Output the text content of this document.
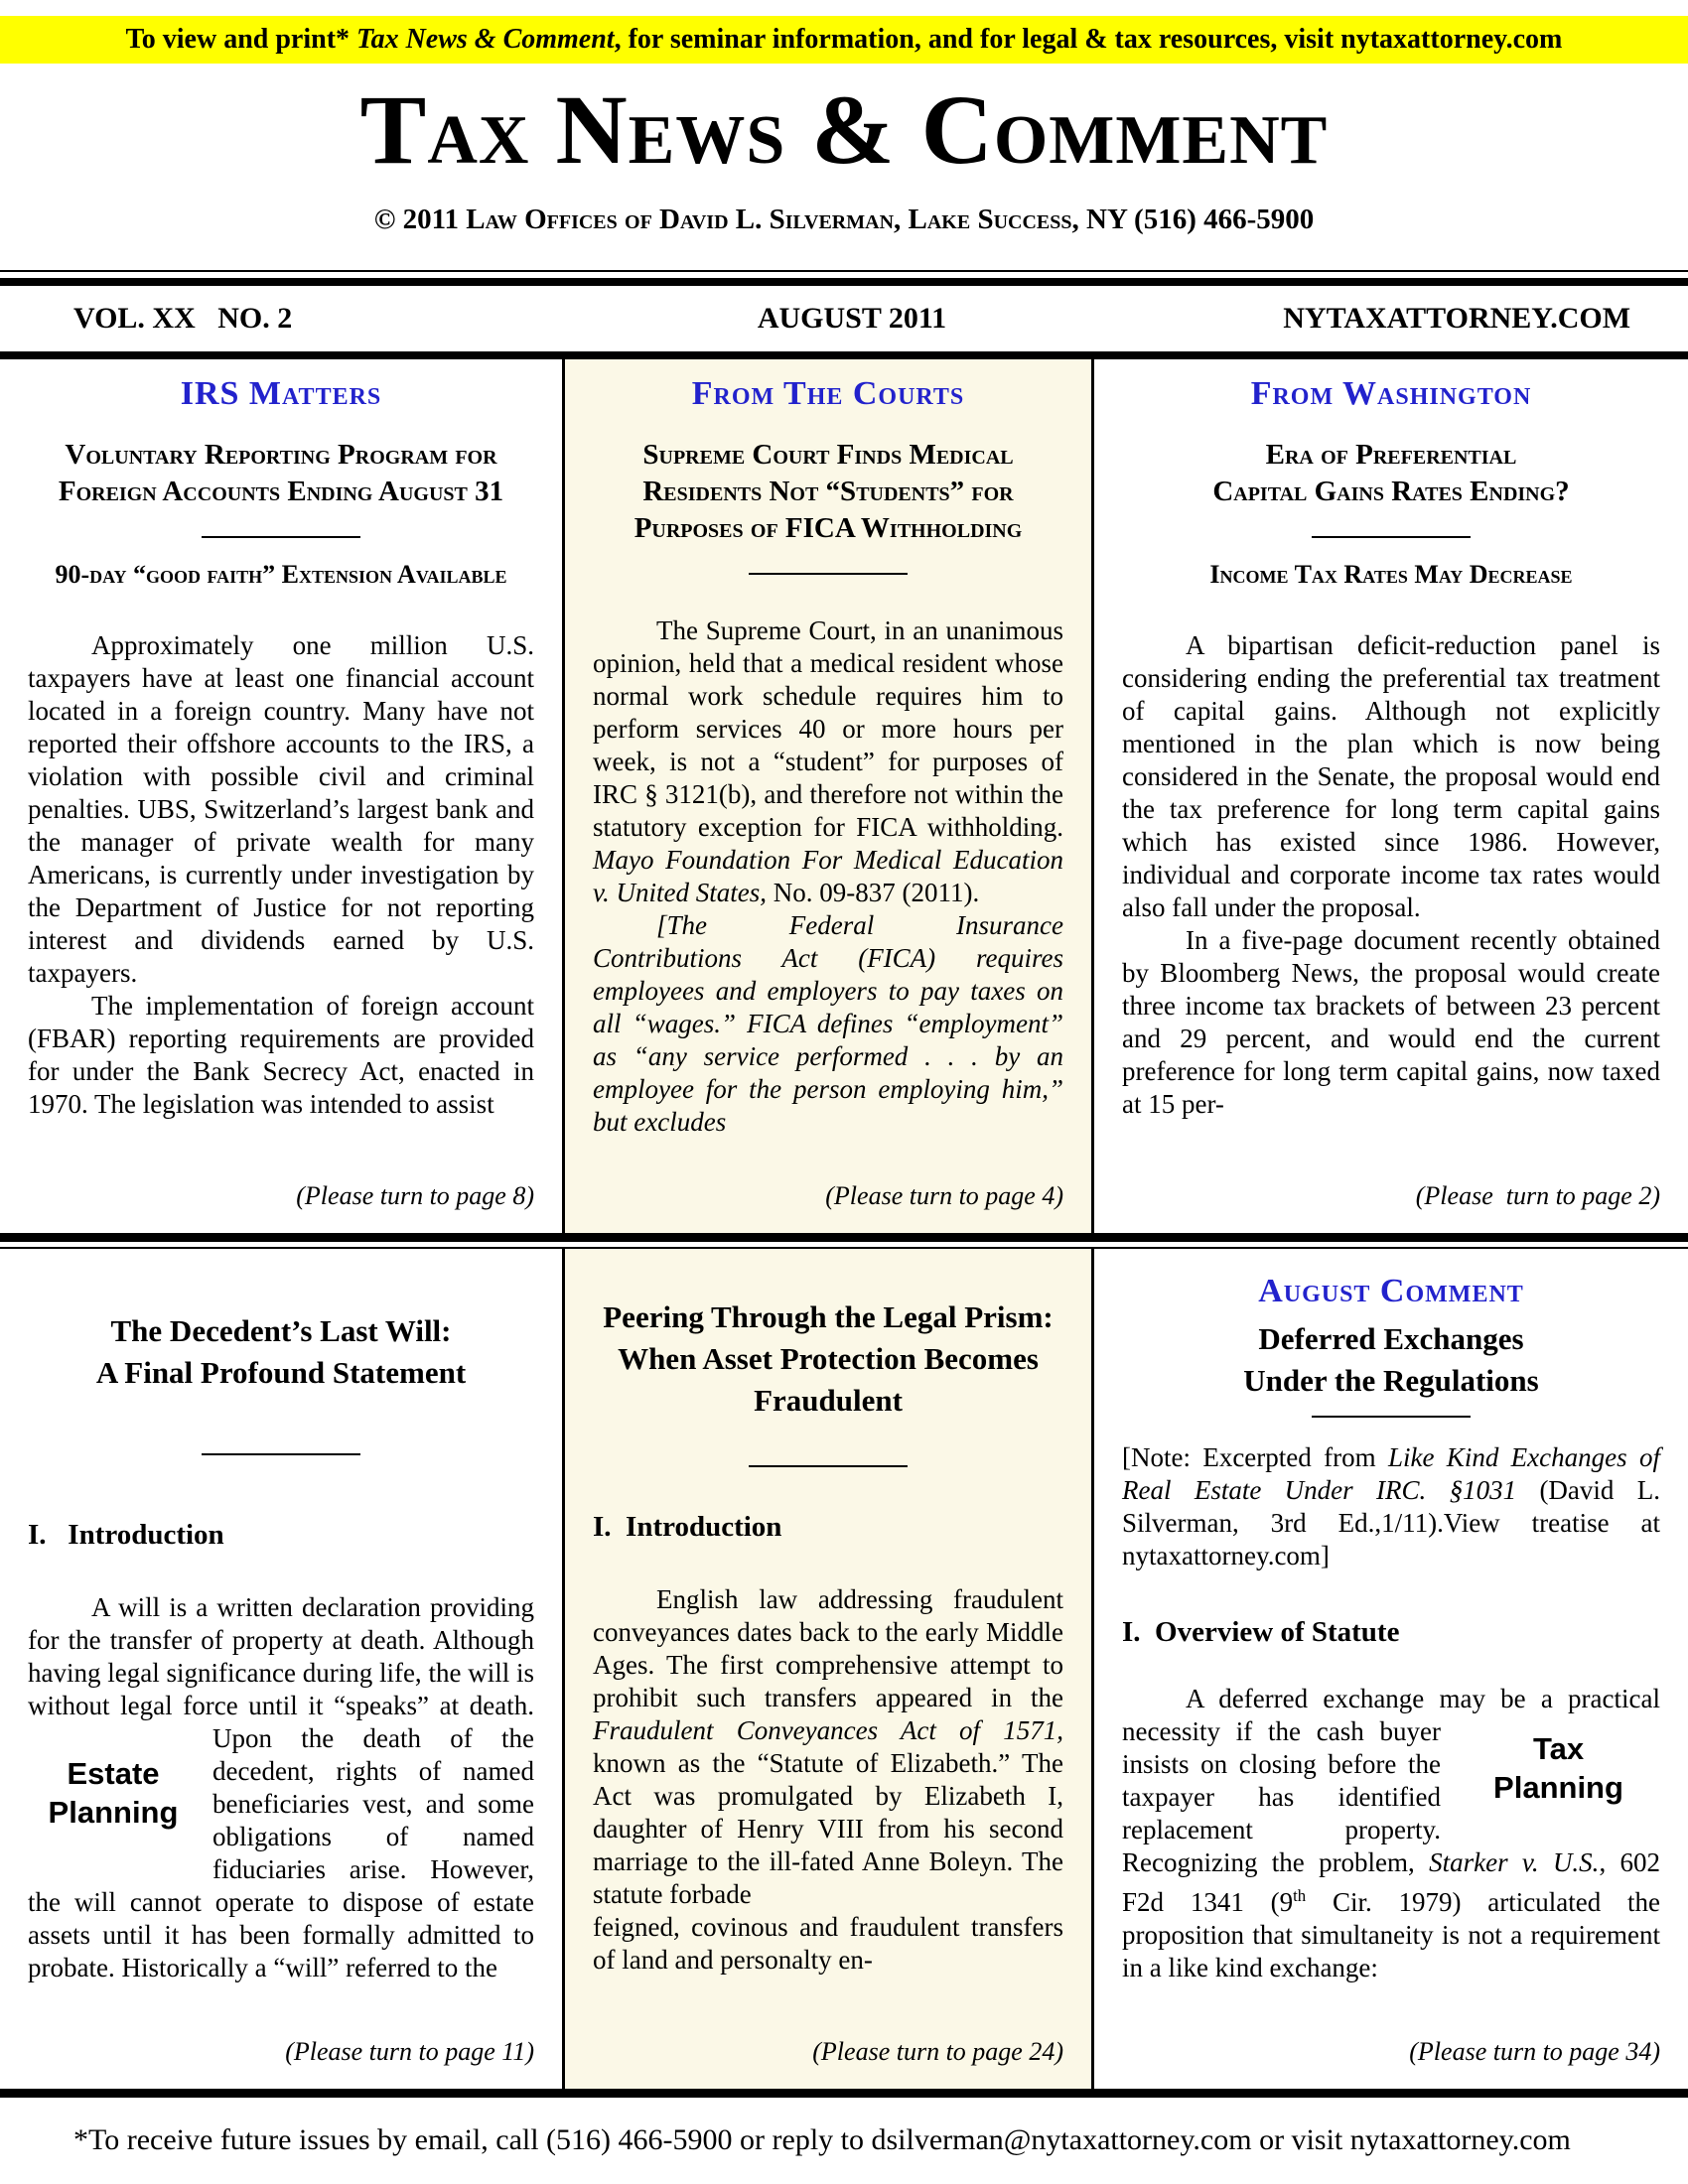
To view and print* Tax News & Comment, for seminar information, and for legal & tax resources, visit nytaxattorney.com
Tax News & Comment
© 2011 Law Offices of David L. Silverman, Lake Success, NY (516) 466-5900
VOL. XX   NO. 2	AUGUST 2011	NYTAXATTORNEY.COM
IRS Matters
Voluntary Reporting Program for Foreign Accounts Ending August 31
90-day “good faith” Extension Available

Approximately one million U.S. taxpayers have at least one financial account located in a foreign country. Many have not reported their offshore accounts to the IRS, a violation with possible civil and criminal penalties. UBS, Switzerland’s largest bank and the manager of private wealth for many Americans, is currently under investigation by the Department of Justice for not reporting interest and dividends earned by U.S. taxpayers.

The implementation of foreign account (FBAR) reporting requirements are provided for under the Bank Secrecy Act, enacted in 1970. The legislation was intended to assist

(Please turn to page 8)
From The Courts
Supreme Court Finds Medical Residents Not “Students” for Purposes of FICA Withholding

The Supreme Court, in an unanimous opinion, held that a medical resident whose normal work schedule requires him to perform services 40 or more hours per week, is not a “student” for purposes of IRC § 3121(b), and therefore not within the statutory exception for FICA withholding. Mayo Foundation For Medical Education v. United States, No. 09-837 (2011).

[The Federal Insurance Contributions Act (FICA) requires employees and employers to pay taxes on all “wages.” FICA defines “employment” as “any service performed . . . by an employee for the person employing him,” but excludes

(Please turn to page 4)
From Washington
Era of Preferential
Capital Gains Rates Ending?
Income Tax Rates May Decrease

A bipartisan deficit-reduction panel is considering ending the preferential tax treatment of capital gains. Although not explicitly mentioned in the plan which is now being considered in the Senate, the proposal would end the tax preference for long term capital gains which has existed since 1986. However, individual and corporate income tax rates would also fall under the proposal.

In a five-page document recently obtained by Bloomberg News, the proposal would create three income tax brackets of between 23 percent and 29 percent, and would end the current preference for long term capital gains, now taxed at 15 per-

(Please  turn to page 2)
The Decedent’s Last Will:
A Final Profound Statement
I.   Introduction

A will is a written declaration providing for the transfer of property at death. Although having legal significance during life, the will is without legal force until it “speaks” at
Estate
Planning
death. Upon the death of the decedent, rights of named beneficiaries vest, and some obligations of named fiduciaries arise. However, the will cannot operate to dispose of estate assets until it has been formally admitted to probate. Historically a “will” referred to the

(Please turn to page 11)
Peering Through the Legal Prism: When Asset Protection Becomes Fraudulent
I.  Introduction

English law addressing fraudulent conveyances dates back to the early Middle Ages. The first comprehensive attempt to prohibit such transfers appeared in the Fraudulent Conveyances Act of 1571, known as the “Statute of Elizabeth.” The Act was promulgated by Elizabeth I, daughter of Henry VIII from his second marriage to the ill-fated Anne Boleyn. The statute forbade

feigned, covinous and fraudulent transfers of land and personalty en-

(Please turn to page 24)
August Comment
Deferred Exchanges
Under the Regulations
[Note: Excerpted from Like Kind Exchanges of Real Estate Under IRC. §1031 (David L. Silverman, 3rd Ed.,1/11).View treatise at nytaxattorney.com]
I.  Overview of Statute

A deferred exchange may be a practical necessity if
Tax
Planning
the cash buyer insists on closing before the taxpayer has identified replacement property. Recognizing the problem, Starker v. U.S., 602 F2d 1341 (9th Cir. 1979) articulated the proposition that simultaneity is not a requirement in a like kind exchange:

(Please turn to page 34)
*To receive future issues by email, call (516) 466-5900 or reply to dsilverman@nytaxattorney.com or visit nytaxattorney.com
